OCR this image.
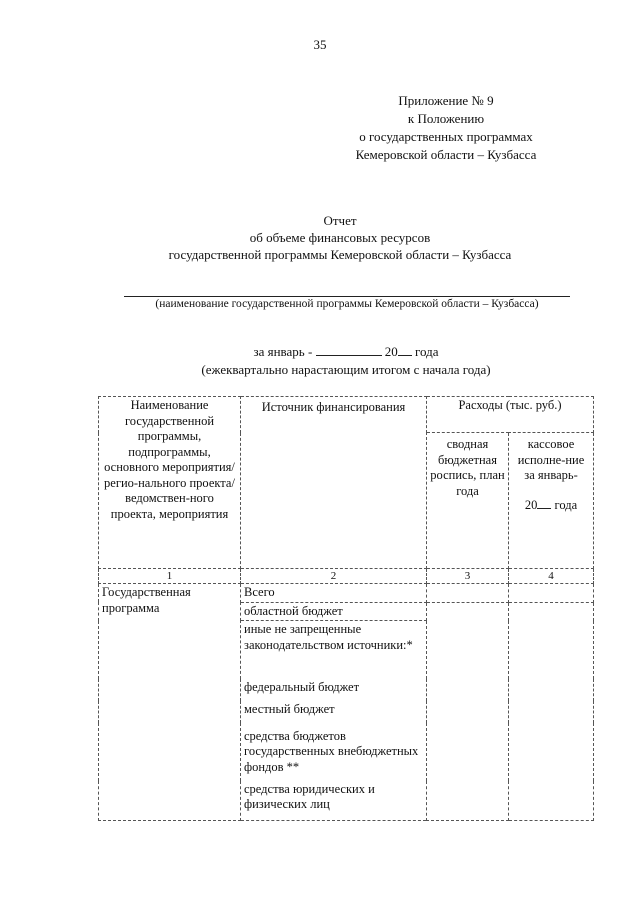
35
Приложение № 9
к Положению
о государственных программах
Кемеровской области – Кузбасса
Отчет
об объеме финансовых ресурсов
государственной программы Кемеровской области – Кузбасса
(наименование государственной программы Кемеровской области – Кузбасса)
за январь -	20 года
(ежеквартально нарастающим итогом с начала года)
Наименование государственной программы, подпрограммы, основного мероприятия/регио-нального проекта/ведомствен-ного проекта, мероприятия	Источник финансирования	Расходы (тыс. руб.)	
		сводная бюджетная роспись, план года	кассовое исполне-ние за январь-
20 года

1	2	3	4
Государственная программа	Всего		
	областной бюджет		
	иные не запрещенные законодательством источники:*		
	федеральный бюджет		
	местный бюджет		
	средства бюджетов государственных внебюджетных фондов **		
	средства юридических и физических лиц		
